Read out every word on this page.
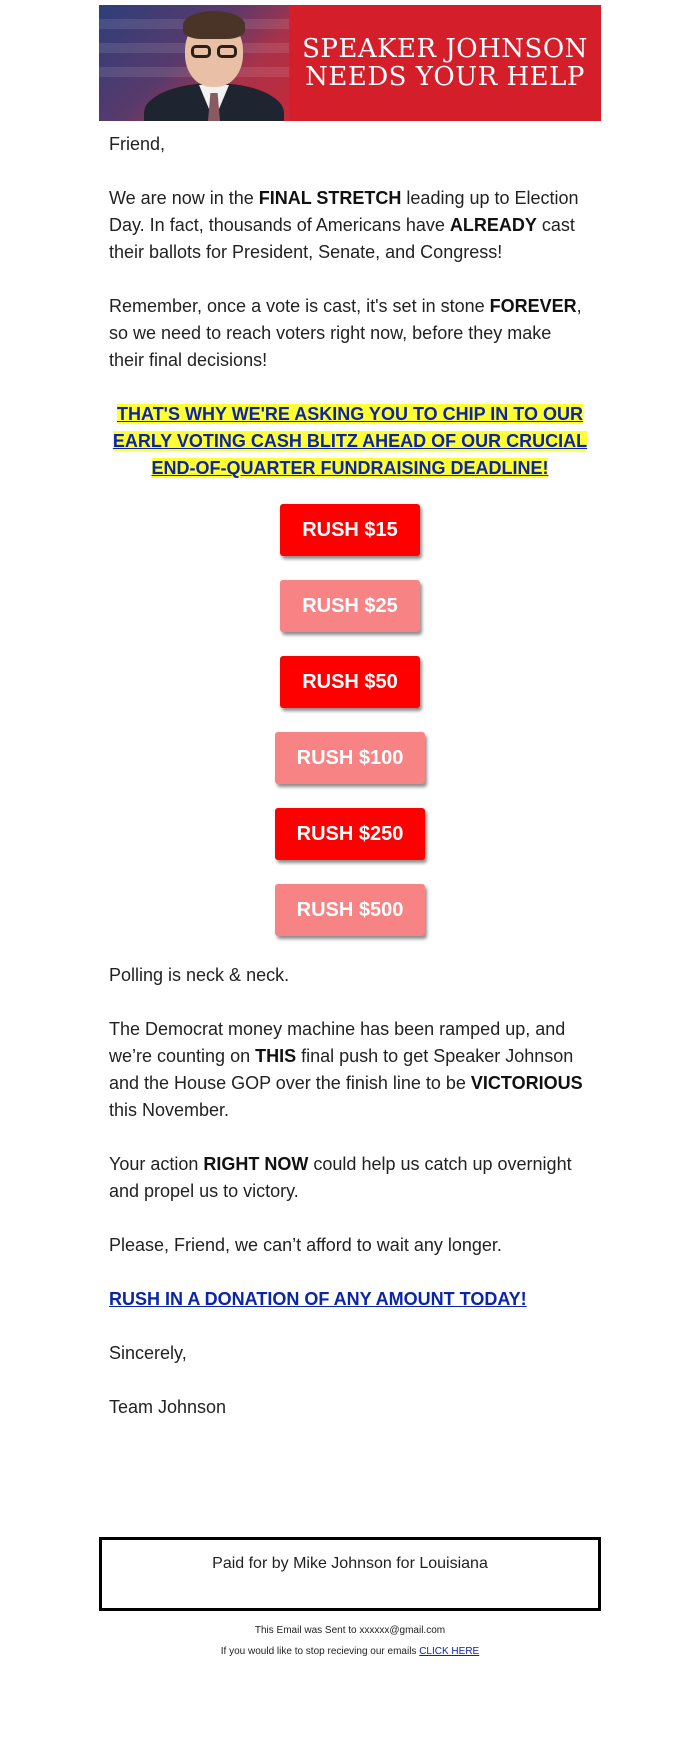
SPEAKER JOHNSON
NEEDS YOUR HELP

Friend,

We are now in the FINAL STRETCH leading up to Election Day. In fact, thousands of Americans have ALREADY cast their ballots for President, Senate, and Congress!

Remember, once a vote is cast, it's set in stone FOREVER, so we need to reach voters right now, before they make their final decisions!

THAT'S WHY WE'RE ASKING YOU TO CHIP IN TO OUR EARLY VOTING CASH BLITZ AHEAD OF OUR CRUCIAL END-OF-QUARTER FUNDRAISING DEADLINE!
RUSH $15
RUSH $25
RUSH $50
RUSH $100
RUSH $250
RUSH $500

Polling is neck & neck.

The Democrat money machine has been ramped up, and we’re counting on THIS final push to get Speaker Johnson and the House GOP over the finish line to be VICTORIOUS this November.

Your action RIGHT NOW could help us catch up overnight and propel us to victory.

Please, Friend, we can’t afford to wait any longer.

RUSH IN A DONATION OF ANY AMOUNT TODAY!

Sincerely,

Team Johnson

Paid for by Mike Johnson for Louisiana
This Email was Sent to xxxxxx@gmail.com
If you would like to stop recieving our emails CLICK HERE
